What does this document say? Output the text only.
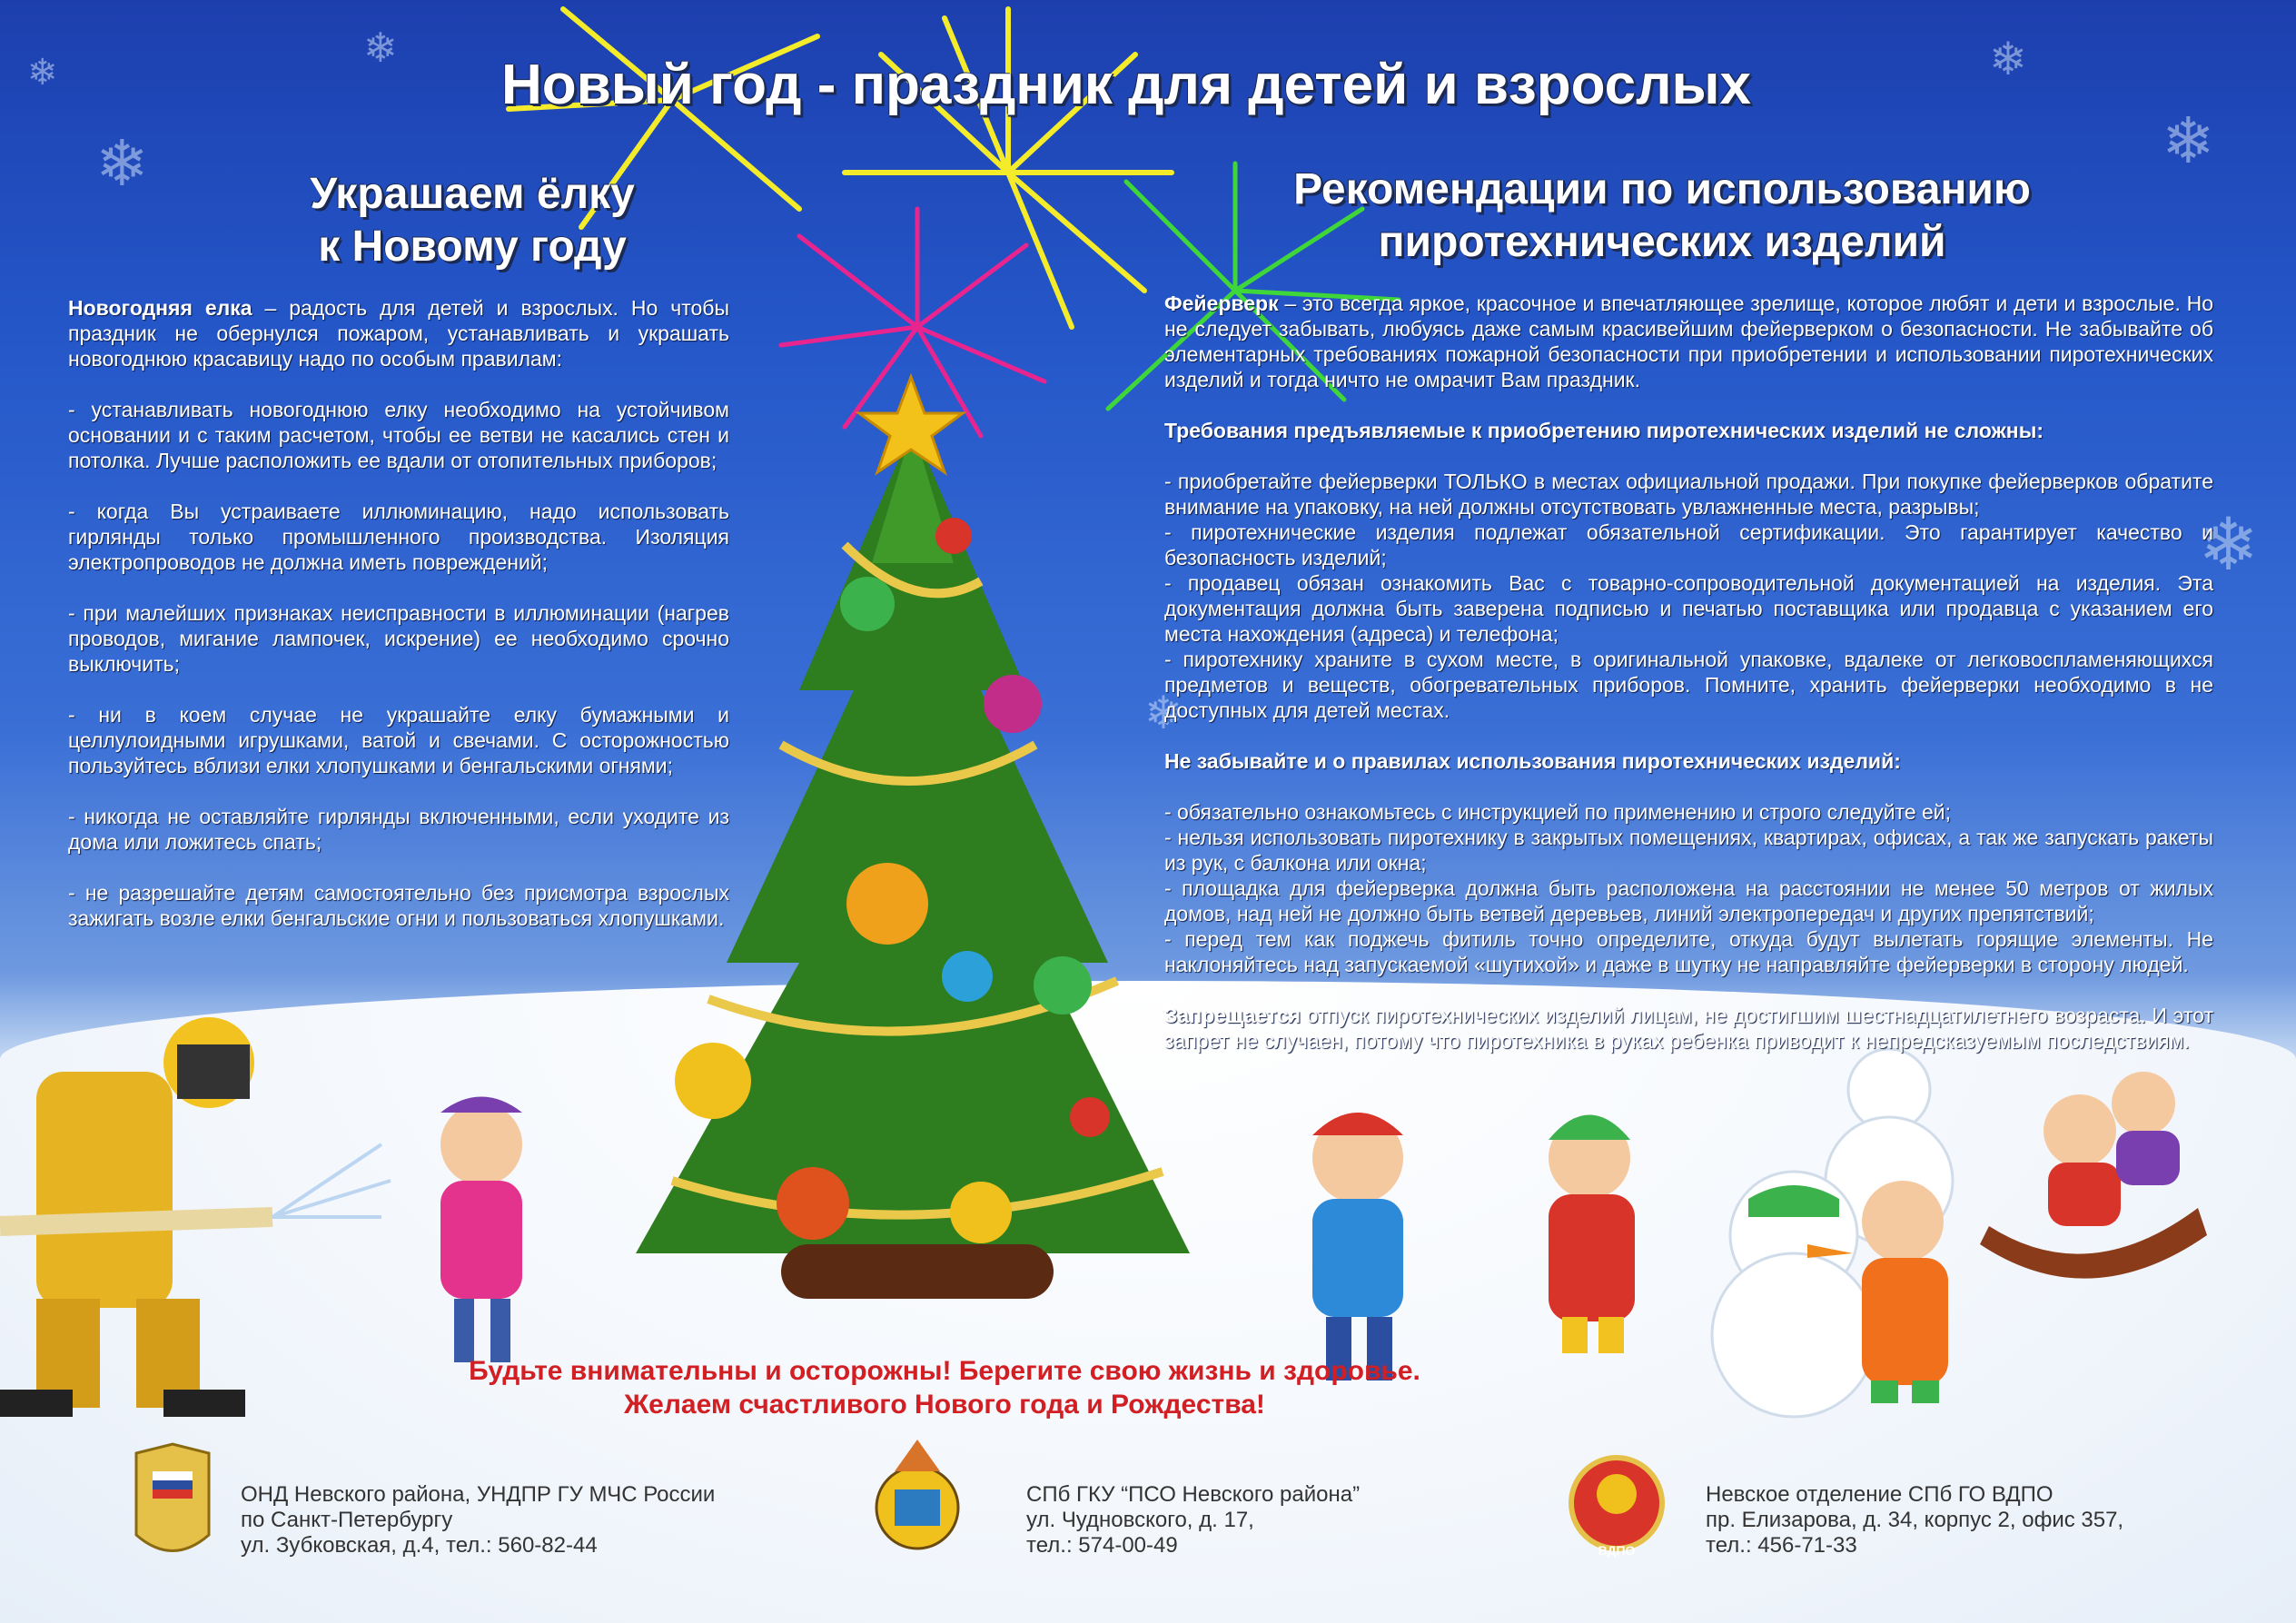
❄
❄
❄
❄
❄
❄
❄
ВДПО
Новый год - праздник для детей и взрослых
Украшаем ёлку
к Новому году
Рекомендации по использованию
пиротехнических изделий

Новогодняя елка – радость для детей и взрослых. Но чтобы праздник не обернулся пожаром, устанавливать и украшать новогоднюю красавицу надо по особым правилам:

- устанавливать новогоднюю елку необходимо на устойчивом основании и с таким расчетом, чтобы ее ветви не касались стен и потолка. Лучше расположить ее вдали от отопительных приборов;

- когда Вы устраиваете иллюминацию, надо использовать гирлянды только промышленного производства. Изоляция электропроводов не должна иметь повреждений;

- при малейших признаках неисправности в иллюминации (нагрев проводов, мигание лампочек, искрение) ее необходимо срочно выключить;

- ни в коем случае не украшайте елку бумажными и целлулоидными игрушками, ватой и свечами. С осторожностью пользуйтесь вблизи елки хлопушками и бенгальскими огнями;

- никогда не оставляйте гирлянды включенными, если уходите из дома или ложитесь спать;

- не разрешайте детям самостоятельно без присмотра взрослых зажигать возле елки бенгальские огни и пользоваться хлопушками.

Фейерверк – это всегда яркое, красочное и впечатляющее зрелище, которое любят и дети и взрослые. Но не следует забывать, любуясь даже самым красивейшим фейерверком о безопасности. Не забывайте об элементарных требованиях пожарной безопасности при приобретении и использовании пиротехнических изделий и тогда ничто не омрачит Вам праздник.

Требования предъявляемые к приобретению пиротехнических изделий не сложны:

- приобретайте фейерверки ТОЛЬКО в местах официальной продажи. При покупке фейерверков обратите внимание на упаковку, на ней должны отсутствовать увлажненные места, разрывы;

- пиротехнические изделия подлежат обязательной сертификации. Это гарантирует качество и безопасность изделий;

- продавец обязан ознакомить Вас с товарно-сопроводительной документацией на изделия. Эта документация должна быть заверена подписью и печатью поставщика или продавца с указанием его места нахождения (адреса) и телефона;

- пиротехнику храните в сухом месте, в оригинальной упаковке, вдалеке от легковоспламеняющихся предметов и веществ, обогревательных приборов. Помните, хранить фейерверки необходимо в не доступных для детей местах.

Не забывайте и о правилах использования пиротехнических изделий:

- обязательно ознакомьтесь с инструкцией по применению и строго следуйте ей;

- нельзя использовать пиротехнику в закрытых помещениях, квартирах, офисах, а так же запускать ракеты из рук, с балкона или окна;

- площадка для фейерверка должна быть расположена на расстоянии не менее 50 метров от жилых домов, над ней не должно быть ветвей деревьев, линий электропередач и других препятствий;

- перед тем как поджечь фитиль точно определите, откуда будут вылетать горящие элементы. Не наклоняйтесь над запускаемой «шутихой» и даже в шутку не направляйте фейерверки в сторону людей.

Запрещается отпуск пиротехнических изделий лицам, не достигшим шестнадцатилетнего возраста. И этот запрет не случаен, потому что пиротехника в руках ребенка приводит к непредсказуемым последствиям.

Будьте внимательны и осторожны! Берегите свою жизнь и здоровье.
Желаем счастливого Нового года и Рождества!

ОНД Невского района, УНДПР ГУ МЧС России

по Санкт-Петербургу

ул. Зубковская, д.4, тел.: 560-82-44

СПб ГКУ “ПСО Невского района”

ул. Чудновского, д. 17,

тел.: 574-00-49

Невское отделение СПб ГО ВДПО

пр. Елизарова, д. 34, корпус 2, офис 357,

тел.: 456-71-33
